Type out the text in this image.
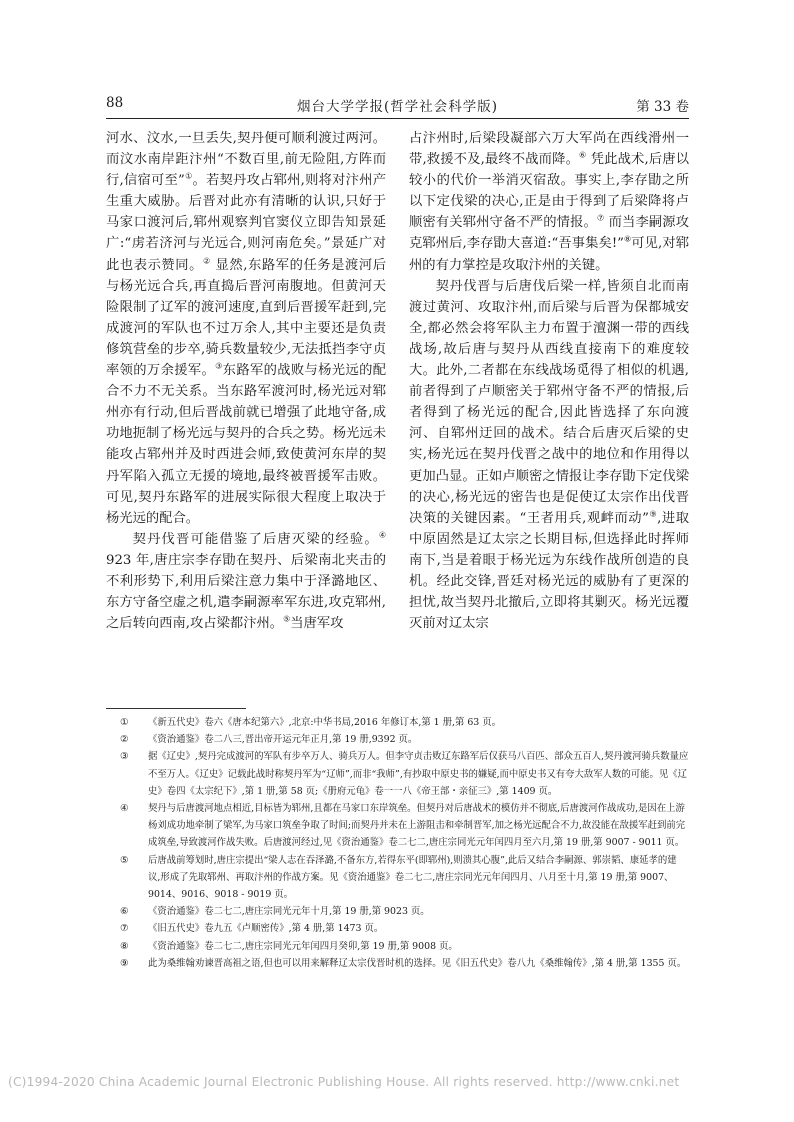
88	烟台大学学报(哲学社会科学版)	第 33 卷

河水、汶水,一旦丢失,契丹便可顺利渡过两河。而汶水南岸距汴州“不数百里,前无险阻,方阵而行,信宿可至”①。若契丹攻占郓州,则将对汴州产生重大威胁。后晋对此亦有清晰的认识,只好于马家口渡河后,郓州观察判官窦仪立即告知景延广:“虏若济河与光远合,则河南危矣。”景延广对此也表示赞同。② 显然,东路军的任务是渡河后与杨光远合兵,再直捣后晋河南腹地。但黄河天险限制了辽军的渡河速度,直到后晋援军赶到,完成渡河的军队也不过万余人,其中主要还是负责修筑营垒的步卒,骑兵数量较少,无法抵挡李守贞率领的万余援军。③东路军的战败与杨光远的配合不力不无关系。当东路军渡河时,杨光远对郓州亦有行动,但后晋战前就已增强了此地守备,成功地扼制了杨光远与契丹的合兵之势。杨光远未能攻占郓州并及时西进会师,致使黄河东岸的契丹军陷入孤立无援的境地,最终被晋援军击败。可见,契丹东路军的进展实际很大程度上取决于杨光远的配合。

契丹伐晋可能借鉴了后唐灭梁的经验。④ 923 年,唐庄宗李存勖在契丹、后梁南北夹击的不利形势下,利用后梁注意力集中于泽潞地区、东方守备空虚之机,遣李嗣源率军东进,攻克郓州,之后转向西南,攻占梁都汴州。⑤当唐军攻

占汴州时,后梁段凝部六万大军尚在西线滑州一带,救援不及,最终不战而降。⑥ 凭此战术,后唐以较小的代价一举消灭宿敌。事实上,李存勖之所以下定伐梁的决心,正是由于得到了后梁降将卢顺密有关郓州守备不严的情报。⑦ 而当李嗣源攻克郓州后,李存勖大喜道:“吾事集矣!”⑧可见,对郓州的有力掌控是攻取汴州的关键。

契丹伐晋与后唐伐后梁一样,皆须自北而南渡过黄河、攻取汴州,而后梁与后晋为保都城安全,都必然会将军队主力布置于澶渊一带的西线战场,故后唐与契丹从西线直接南下的难度较大。此外,二者都在东线战场觅得了相似的机遇,前者得到了卢顺密关于郓州守备不严的情报,后者得到了杨光远的配合,因此皆选择了东向渡河、自郓州迂回的战术。结合后唐灭后梁的史实,杨光远在契丹伐晋之战中的地位和作用得以更加凸显。正如卢顺密之情报让李存勖下定伐梁的决心,杨光远的密告也是促使辽太宗作出伐晋决策的关键因素。“王者用兵,观衅而动”⑨,进取中原固然是辽太宗之长期目标,但选择此时挥师南下,当是着眼于杨光远为东线作战所创造的良机。经此交锋,晋廷对杨光远的威胁有了更深的担忧,故当契丹北撤后,立即将其剿灭。杨光远覆灭前对辽太宗

①	《新五代史》卷六《唐本纪第六》,北京:中华书局,2016 年修订本,第 1 册,第 63 页。
②	《资治通鉴》卷二八三,晋出帝开运元年正月,第 19 册,9392 页。
③	据《辽史》,契丹完成渡河的军队有步卒万人、骑兵万人。但李守贞击败辽东路军后仅获马八百匹、部众五百人,契丹渡河骑兵数量应不至万人。《辽史》记载此战时称契丹军为“辽师”,而非“我师”,有抄取中原史书的嫌疑,而中原史书又有夸大敌军人数的可能。见《辽史》卷四《太宗纪下》,第 1 册,第 58 页;《册府元龟》卷一一八《帝王部・亲征三》,第 1409 页。
④	契丹与后唐渡河地点相近,目标皆为郓州,且都在马家口东岸筑垒。但契丹对后唐战术的模仿并不彻底,后唐渡河作战成功,是因在上游杨刘成功地牵制了梁军,为马家口筑垒争取了时间;而契丹并未在上游阻击和牵制晋军,加之杨光远配合不力,故没能在敌援军赶到前完成筑垒,导致渡河作战失败。后唐渡河经过,见《资治通鉴》卷二七二,唐庄宗同光元年闰四月至六月,第 19 册,第 9007 - 9011 页。
⑤	后唐战前筹划时,唐庄宗提出“梁人志在吞泽潞,不备东方,若得东平(即郓州),则溃其心腹”,此后又结合李嗣源、郭崇韬、康延孝的建议,形成了先取郓州、再取汴州的作战方案。见《资治通鉴》卷二七二,唐庄宗同光元年闰四月、八月至十月,第 19 册,第 9007、9014、9016、9018 - 9019 页。
⑥	《资治通鉴》卷二七二,唐庄宗同光元年十月,第 19 册,第 9023 页。
⑦	《旧五代史》卷九五《卢顺密传》,第 4 册,第 1473 页。
⑧	《资治通鉴》卷二七二,唐庄宗同光元年闰四月癸卯,第 19 册,第 9008 页。
⑨	此为桑维翰劝谏晋高祖之语,但也可以用来解释辽太宗伐晋时机的选择。见《旧五代史》卷八九《桑维翰传》,第 4 册,第 1355 页。
(C)1994-2020 China Academic Journal Electronic Publishing House. All rights reserved. http://www.cnki.net
